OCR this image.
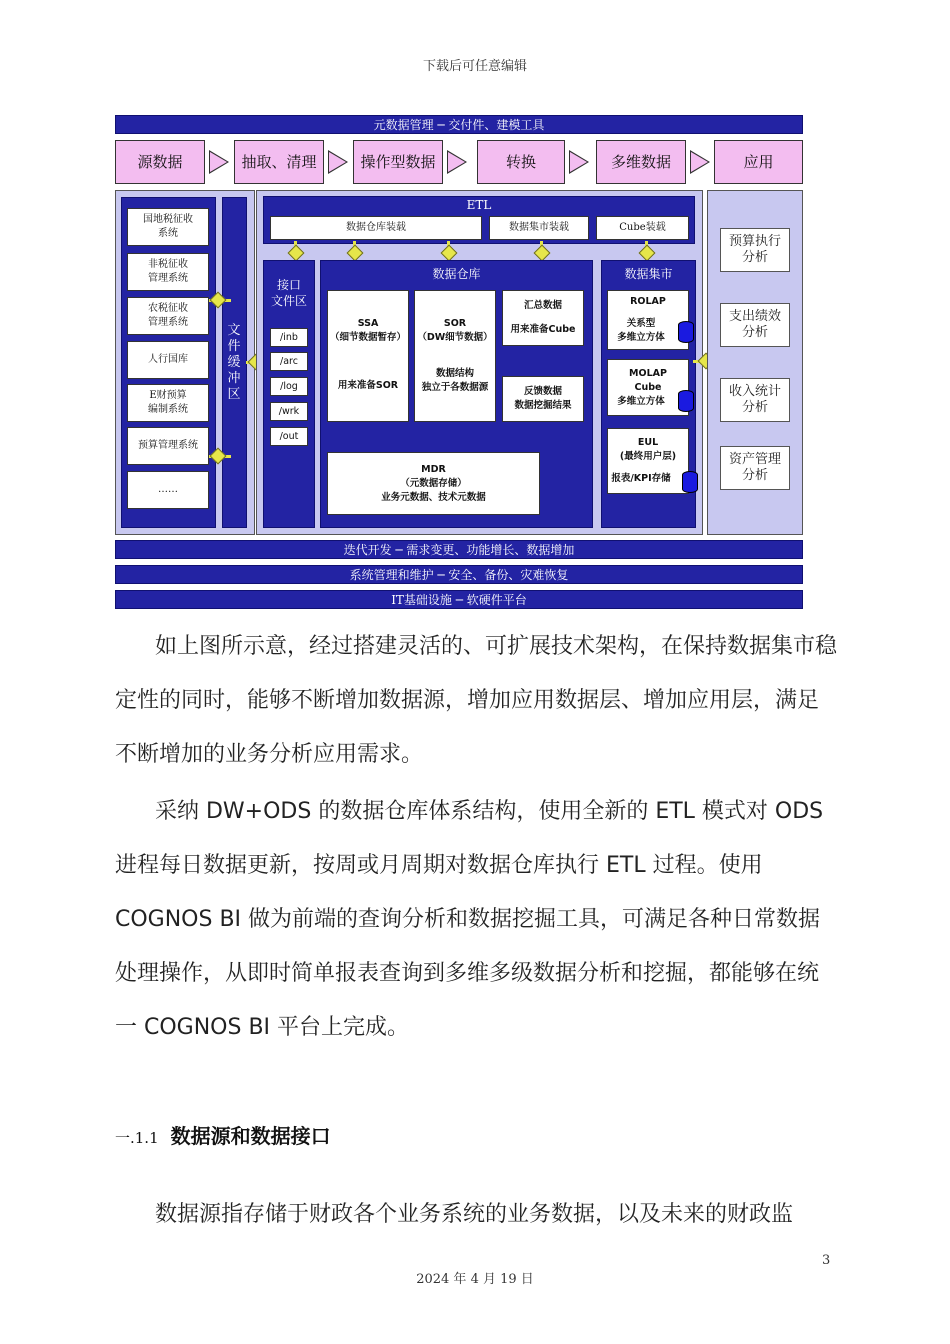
下载后可任意编辑
元数据管理 ─ 交付件、建模工具
源数据	抽取、清理	操作型数据	转换	多维数据	应用
国地税征收
系统
非税征收
管理系统
农税征收
管理系统
人行国库
E财预算
编制系统
预算管理系统
……
文件缓冲区
ETL
数据仓库装载	数据集市装载	Cube装载
接口
文件区
/inb
/arc
/log
/wrk
/out
数据仓库
SSA
（细节数据暂存）
用来准备SOR
SOR
（DW细节数据）
数据结构
独立于各数据源
汇总数据
用来准备Cube
反馈数据
数据挖掘结果
MDR
（元数据存储）
业务元数据、技术元数据
数据集市
ROLAP
关系型
多维立方体
MOLAP
Cube
多维立方体
EUL
(最终用户层)
报表/KPI存储
预算执行
分析
支出绩效
分析
收入统计
分析
资产管理
分析
迭代开发 ─ 需求变更、功能增长、数据增加
系统管理和维护 ─ 安全、备份、灾难恢复
IT基础设施 ─ 软硬件平台
如上图所示意，经过搭建灵活的、可扩展技术架构，在保持数据集市稳定性的同时，能够不断增加数据源，增加应用数据层、增加应用层，满足不断增加的业务分析应用需求。
采纳 DW+ODS 的数据仓库体系结构，使用全新的 ETL 模式对 ODS 进程每日数据更新，按周或月周期对数据仓库执行 ETL 过程。使用 COGNOS BI 做为前端的查询分析和数据挖掘工具，可满足各种日常数据处理操作，从即时简单报表查询到多维多级数据分析和挖掘，都能够在统一 COGNOS BI 平台上完成。
一.1.1 数据源和数据接口
数据源指存储于财政各个业务系统的业务数据，以及未来的财政监
3
2024 年 4 月 19 日
